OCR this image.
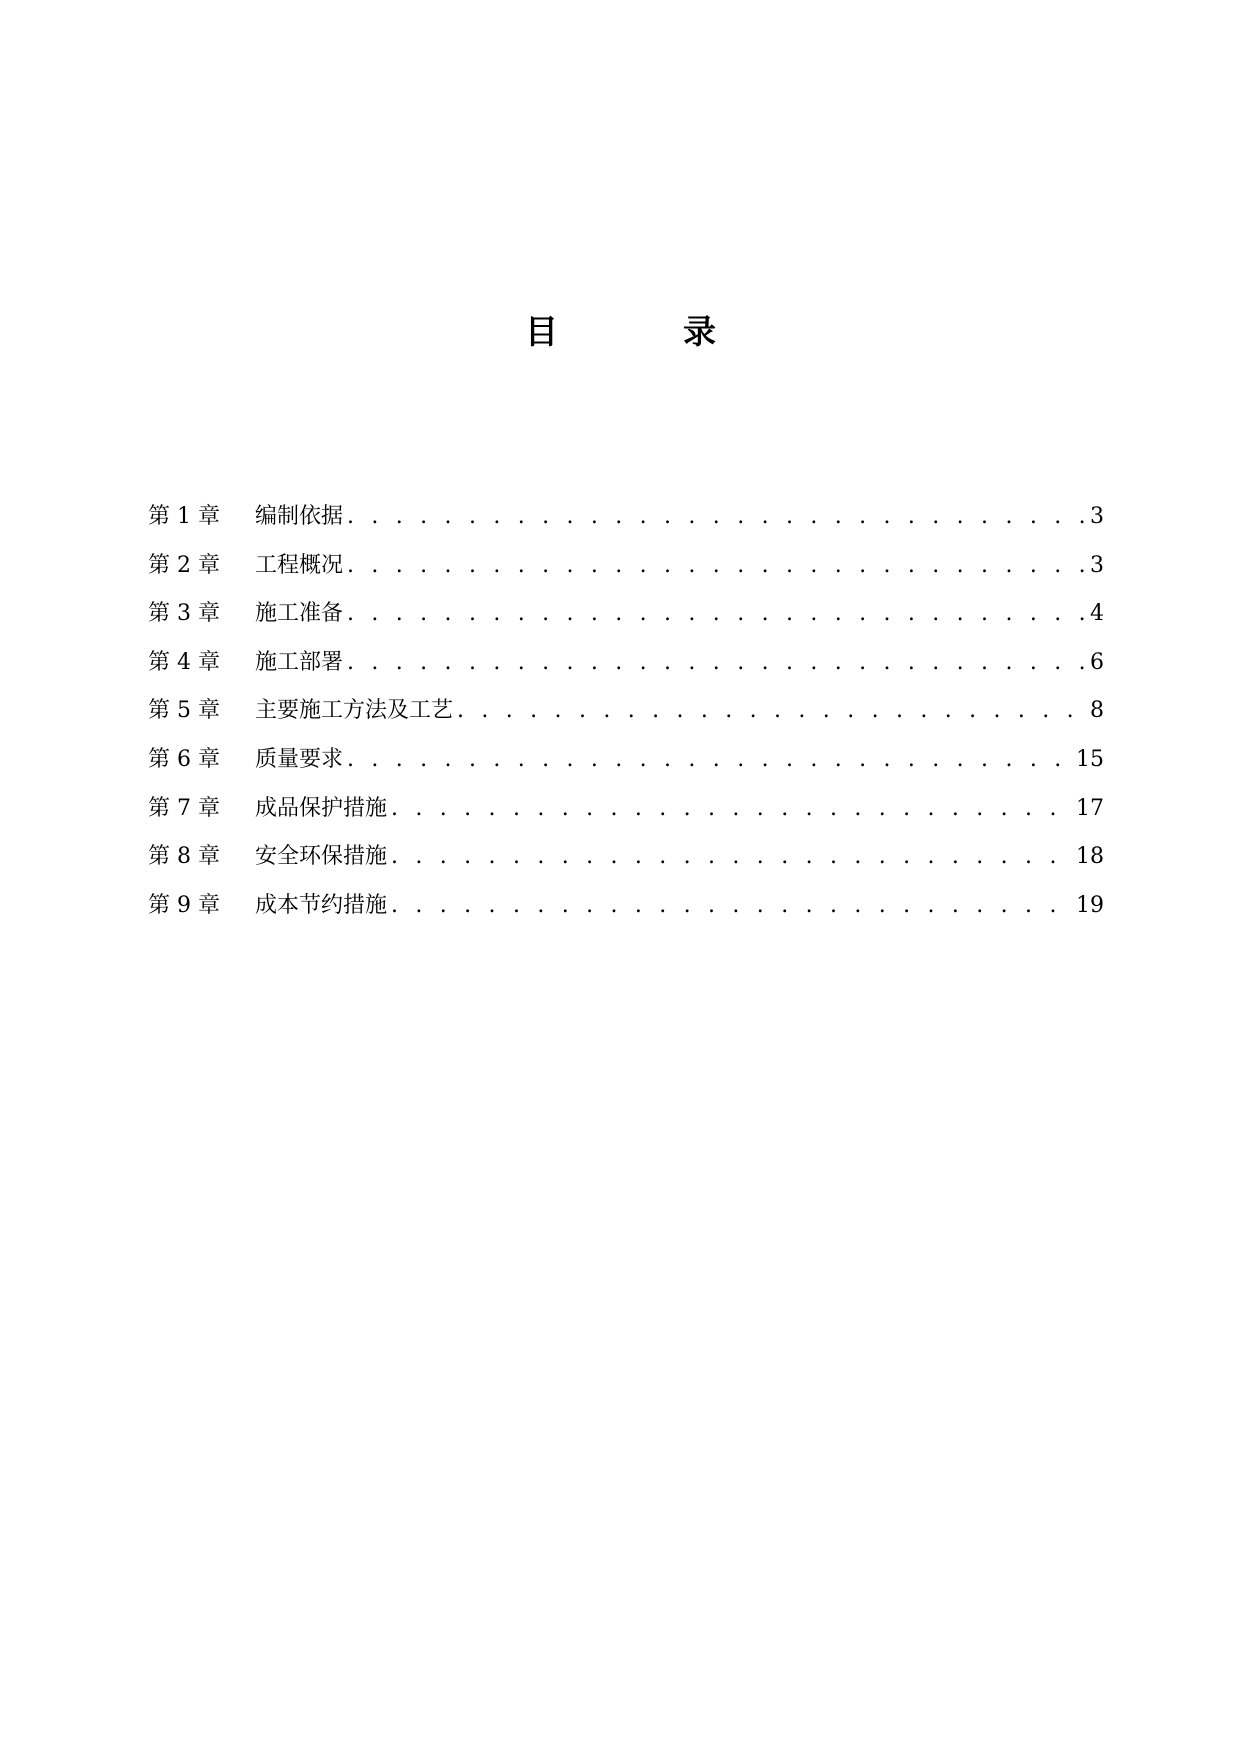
目　录
第 1 章	编制依据 . . .	3
第 2 章	工程概况 . . .	3
第 3 章	施工准备 . . .	4
第 4 章	施工部署 . . .	6
第 5 章	主要施工方法及工艺 . . .	8
第 6 章	质量要求 . . .	15
第 7 章	成品保护措施 . . .	17
第 8 章	安全环保措施 . . .	18
第 9 章	成本节约措施 . . .	19
